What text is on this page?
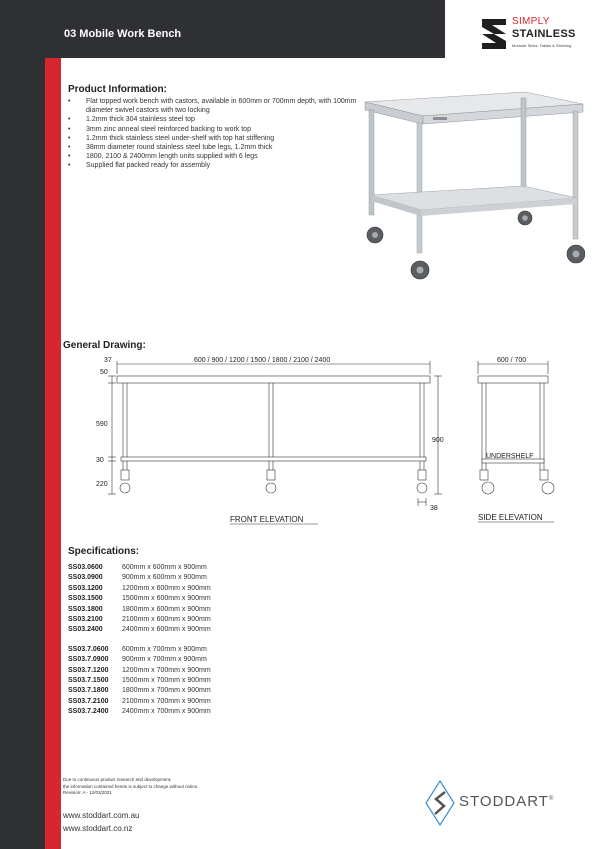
03 Mobile Work Bench
SIMPLY
STAINLESS
Modular Sinks, Tables & Shelving
Product Information:
• Flat topped work bench with castors, available in 600mm or 700mm depth, with 100mm diameter swivel castors with two locking
• 1.2mm thick 304 stainless steel top
• 3mm zinc anneal steel reinforced backing to work top
• 1.2mm thick stainless steel under-shelf with top hat stiffening
• 38mm diameter round stainless steel tube legs, 1.2mm thick
• 1800, 2100 & 2400mm length units supplied with 6 legs
• Supplied flat packed ready for assembly
General Drawing:
37
50
600 / 900 / 1200 / 1500 / 1800 / 2100 / 2400
590
30
220
900
38
600 / 700
UNDERSHELF
FRONT ELEVATION	SIDE ELEVATION
Specifications:
SS03.0600	600mm x 600mm x 900mm
SS03.0900	900mm x 600mm x 900mm
SS03.1200	1200mm x 600mm x 900mm
SS03.1500	1500mm x 600mm x 900mm
SS03.1800	1800mm x 600mm x 900mm
SS03.2100	2100mm x 600mm x 900mm
SS03.2400	2400mm x 600mm x 900mm
SS03.7.0600 600mm x 700mm x 900mm
SS03.7.0900 900mm x 700mm x 900mm
SS03.7.1200 1200mm x 700mm x 900mm
SS03.7.1500 1500mm x 700mm x 900mm
SS03.7.1800 1800mm x 700mm x 900mm
SS03.7.2100 2100mm x 700mm x 900mm
SS03.7.2400 2400mm x 700mm x 900mm
Due to continuous product research and development,
the information contained herein is subject to change without notice.
Revision: A - 12/03/2021
www.stoddart.com.au
www.stoddart.co.nz
STODDART®
